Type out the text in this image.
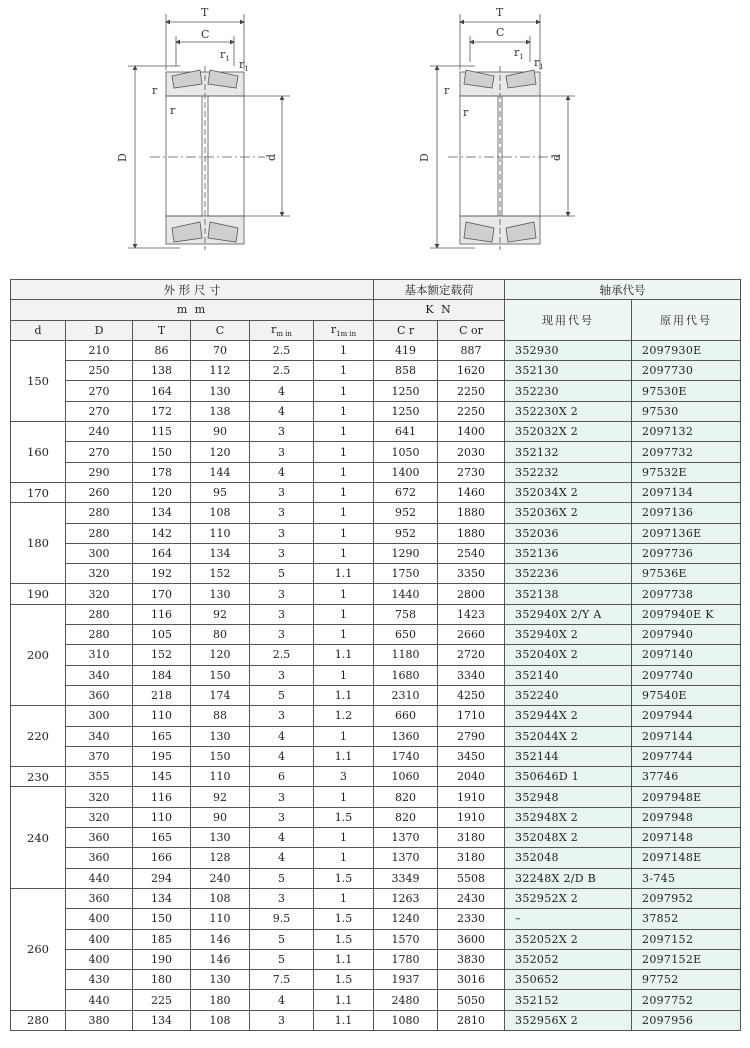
T
C
$r_1$ $r_1$
r
r
D	d
T
C
$r_1$ $r_1$
r
r
D	d
外 形 尺 寸						基本额定载荷		轴承代号	
m m						K N		现用代号	原用代号
d	D	T	C	$r_{m in}$	$r_{1m in}$	C r	C or		
150	210	86	70	2.5	1	419	887	352930	2097930E
	250	138	112	2.5	1	858	1620	352130	2097730
	270	164	130	4	1	1250	2250	352230	97530E
	270	172	138	4	1	1250	2250	352230X 2	97530
160	240	115	90	3	1	641	1400	352032X 2	2097132
	270	150	120	3	1	1050	2030	352132	2097732
	290	178	144	4	1	1400	2730	352232	97532E
170	260	120	95	3	1	672	1460	352034X 2	2097134
180	280	134	108	3	1	952	1880	352036X 2	2097136
	280	142	110	3	1	952	1880	352036	2097136E
	300	164	134	3	1	1290	2540	352136	2097736
	320	192	152	5	1.1	1750	3350	352236	97536E
190	320	170	130	3	1	1440	2800	352138	2097738
200	280	116	92	3	1	758	1423	352940X 2/Y A	2097940E K
	280	105	80	3	1	650	2660	352940X 2	2097940
	310	152	120	2.5	1.1	1180	2720	352040X 2	2097140
	340	184	150	3	1	1680	3340	352140	2097740
	360	218	174	5	1.1	2310	4250	352240	97540E
220	300	110	88	3	1.2	660	1710	352944X 2	2097944
	340	165	130	4	1	1360	2790	352044X 2	2097144
	370	195	150	4	1.1	1740	3450	352144	2097744
230	355	145	110	6	3	1060	2040	350646D 1	37746
240	320	116	92	3	1	820	1910	352948	2097948E
	320	110	90	3	1.5	820	1910	352948X 2	2097948
	360	165	130	4	1	1370	3180	352048X 2	2097148
	360	166	128	4	1	1370	3180	352048	2097148E
	440	294	240	5	1.5	3349	5508	32248X 2/D B	3-745
260	360	134	108	3	1	1263	2430	352952X 2	2097952
	400	150	110	9.5	1.5	1240	2330	–	37852
	400	185	146	5	1.5	1570	3600	352052X 2	2097152
	400	190	146	5	1.1	1780	3830	352052	2097152E
	430	180	130	7.5	1.5	1937	3016	350652	97752
	440	225	180	4	1.1	2480	5050	352152	2097752
280	380	134	108	3	1.1	1080	2810	352956X 2	2097956
